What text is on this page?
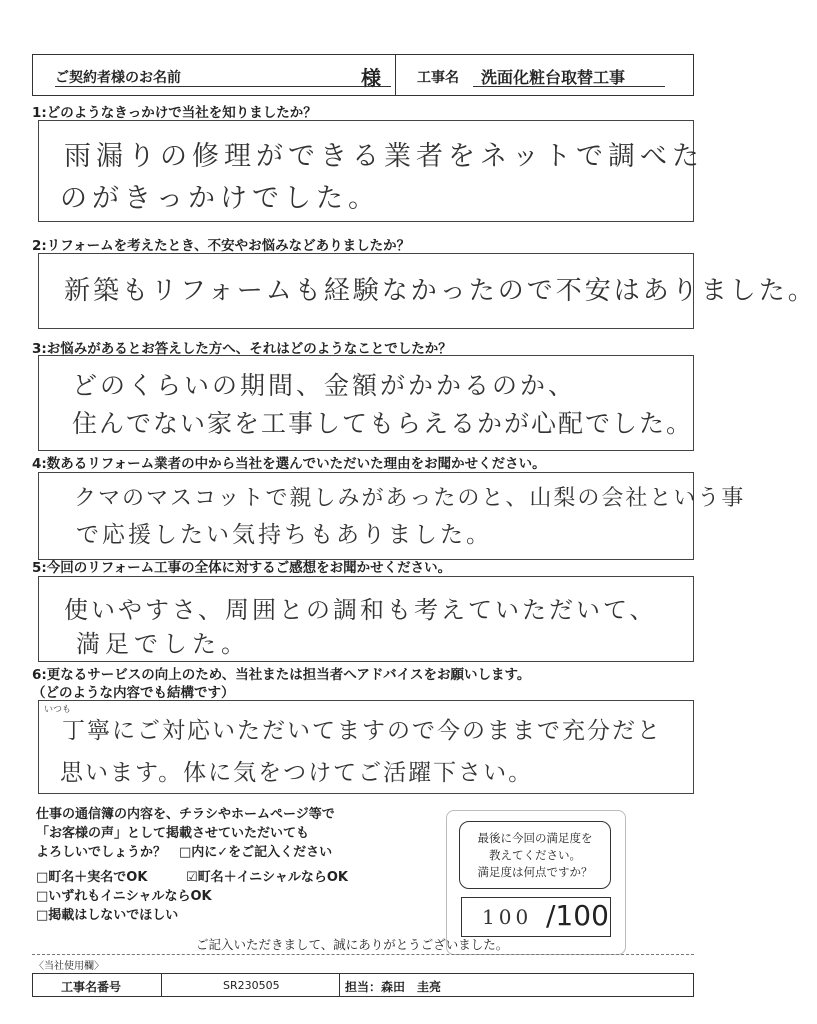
ご契約者様のお名前	様	工事名 洗面化粧台取替工事
1:どのようなきっかけで当社を知りましたか？
雨漏りの修理ができる業者をネットで調べた
のがきっかけでした。
2:リフォームを考えたとき、不安やお悩みなどありましたか？
新築もリフォームも経験なかったので不安はありました。
3:お悩みがあるとお答えした方へ、それはどのようなことでしたか？
どのくらいの期間、金額がかかるのか、
住んでない家を工事してもらえるかが心配でした。
4:数あるリフォーム業者の中から当社を選んでいただいた理由をお聞かせください。
クマのマスコットで親しみがあったのと、山梨の会社という事
で応援したい気持ちもありました。
5:今回のリフォーム工事の全体に対するご感想をお聞かせください。
使いやすさ、周囲との調和も考えていただいて、
満足でした。
6:更なるサービスの向上のため、当社または担当者へアドバイスをお願いします。
（どのような内容でも結構です）
いつも
丁寧にご対応いただいてますので今のままで充分だと
思います。体に気をつけてご活躍下さい。
仕事の通信簿の内容を、チラシやホームページ等で
「お客様の声」として掲載させていただいても
よろしいでしょうか？　□内に✓をご記入ください
□町名＋実名でOK	☑町名＋イニシャルならOK
□いずれもイニシャルならOK
□掲載はしないでほしい
最後に今回の満足度を
教えてください。
満足度は何点ですか？
100 /100
ご記入いただきまして、誠にありがとうございました。
〈当社使用欄〉
工事名番号	SR230505	担当： 森田　圭亮
